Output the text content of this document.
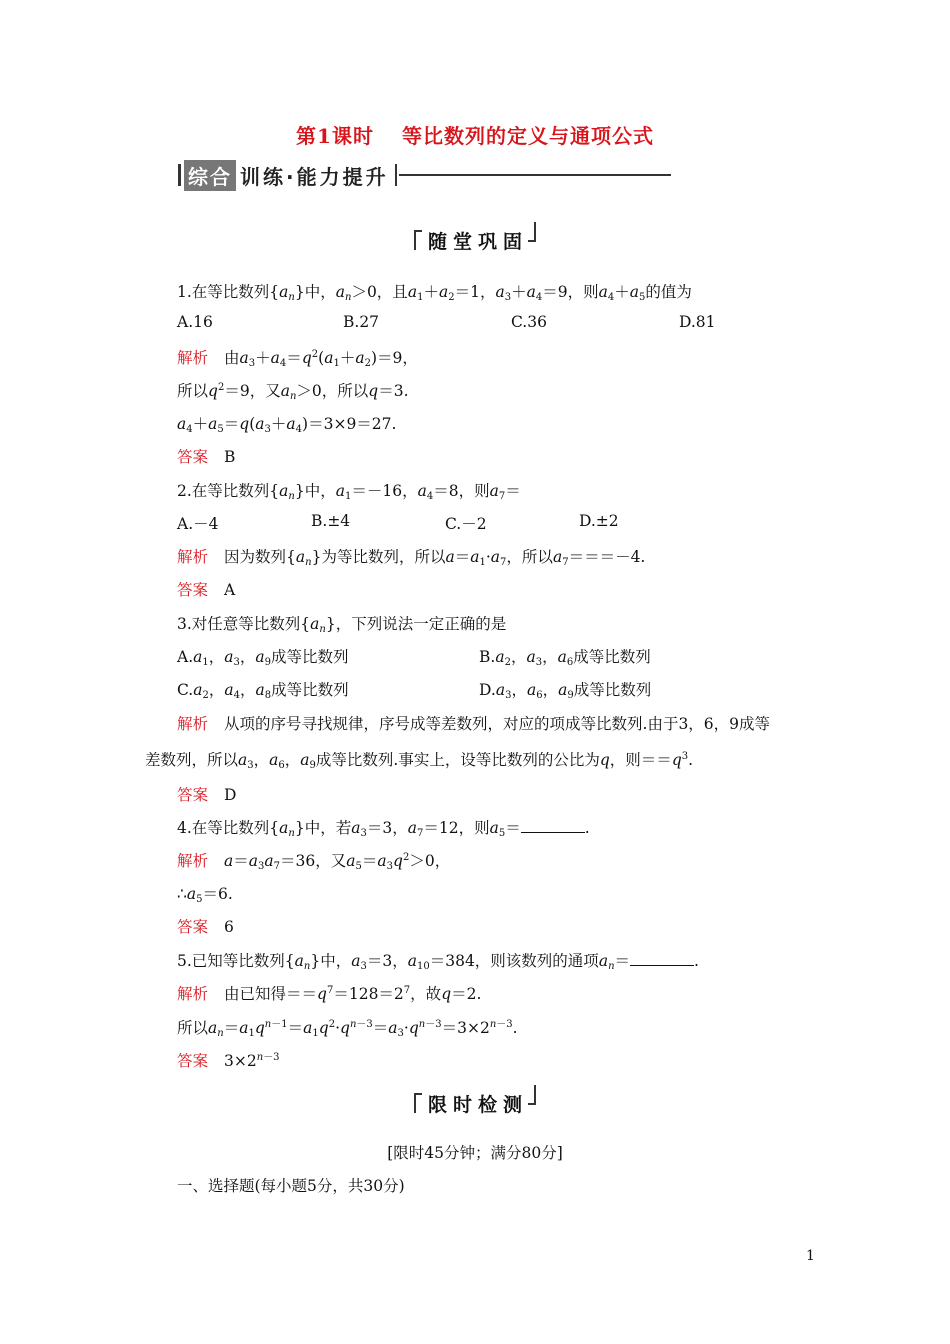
第1课时 等比数列的定义与通项公式
综合 训练·能力提升
随堂巩固
1.在等比数列$\{a_n\}$中，$a_n>0$，且$a_1+a_2=1$，$a_3+a_4=9$，则$a_4+a_5$的值为
A.16	B.27	C.36	D.81
解析 由$a_3+a_4=q^2(a_1+a_2)=9$，
所以$q^2=9$，又$a_n>0$，所以q＝3.
$a_4+a_5=q(a_3+a_4)=3\times 9=27$.
答案 B
2.在等比数列$\{a_n\}$中，$a_1=-16$，$a_4=8$，则$a_7=$
A.－4	B.±4	C.－2	D.±2
解析 因为数列$\{a_n\}$为等比数列，所以$a=a_1\cdot a_7$，所以$a_7===-4$.
答案 A
3.对任意等比数列$\{a_n\}$，下列说法一定正确的是
$A.a_1$，$a_3$，$a_9$成等比数列	$B.a_2$，$a_3$，$a_6$成等比数列
$C.a_2$，$a_4$，$a_8$成等比数列	$D.a_3$，$a_6$，$a_9$成等比数列
解析 从项的序号寻找规律，序号成等差数列，对应的项成等比数列.由于3，6，9成等
差数列，所以$a_3$，$a_6$，$a_9$成等比数列.事实上，设等比数列的公比为q，则$==q^3$.
答案 D
4.在等比数列$\{a_n\}$中，若$a_3=3$，$a_7=12$，则$a_5=$	.
解析 $a=a_3a_7=36$，又$a_5=a_3q^2>0$，
$\therefore a_5=6$.
答案 6
5.已知等比数列$\{a_n\}$中，$a_3=3$，$a_{10}=384$，则该数列的通项$a_n=$	.
解析 由已知得$==q^7=128=2^7$，故q＝2.
所以$a_n=a_1q^{n-1}=a_1q^2\cdot q^{n-3}=a_3\cdot q^{n-3}=3\times 2^{n-3}$.
答案 $3\times 2^{n-3}$
限时检测
[限时45分钟；满分80分]
一、选择题(每小题5分，共30分)
1
